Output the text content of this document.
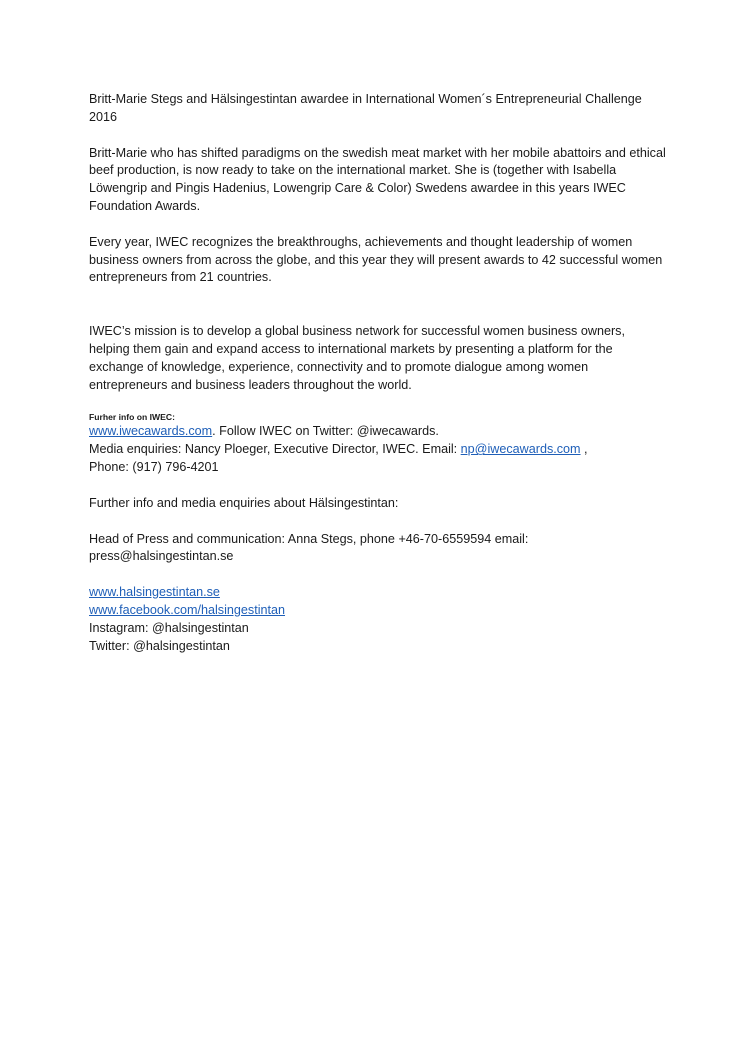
Britt-Marie Stegs and Hälsingestintan awardee in International Women´s Entrepreneurial Challenge 2016

Britt-Marie who has shifted paradigms on the swedish meat market with her mobile abattoirs and ethical beef production, is now ready to take on the international market. She is (together with Isabella Löwengrip and Pingis Hadenius, Lowengrip Care & Color) Swedens awardee in this years IWEC Foundation Awards.

Every year, IWEC recognizes the breakthroughs, achievements and thought leadership of women business owners from across the globe, and this year they will present awards to 42 successful women entrepreneurs from 21 countries.

IWEC’s mission is to develop a global business network for successful women business owners, helping them gain and expand access to international markets by presenting a platform for the exchange of knowledge, experience, connectivity and to promote dialogue among women entrepreneurs and business leaders throughout the world.

Furher info on IWEC:

www.iwecawards.com. Follow IWEC on Twitter: @iwecawards.

Media enquiries: Nancy Ploeger, Executive Director, IWEC. Email: np@iwecawards.com ,

Phone: (917) 796-4201

Further info and media enquiries about Hälsingestintan:

Head of Press and communication: Anna Stegs, phone +46-70-6559594 email: press@halsingestintan.se

www.halsingestintan.se

www.facebook.com/halsingestintan

Instagram: @halsingestintan

Twitter: @halsingestintan
